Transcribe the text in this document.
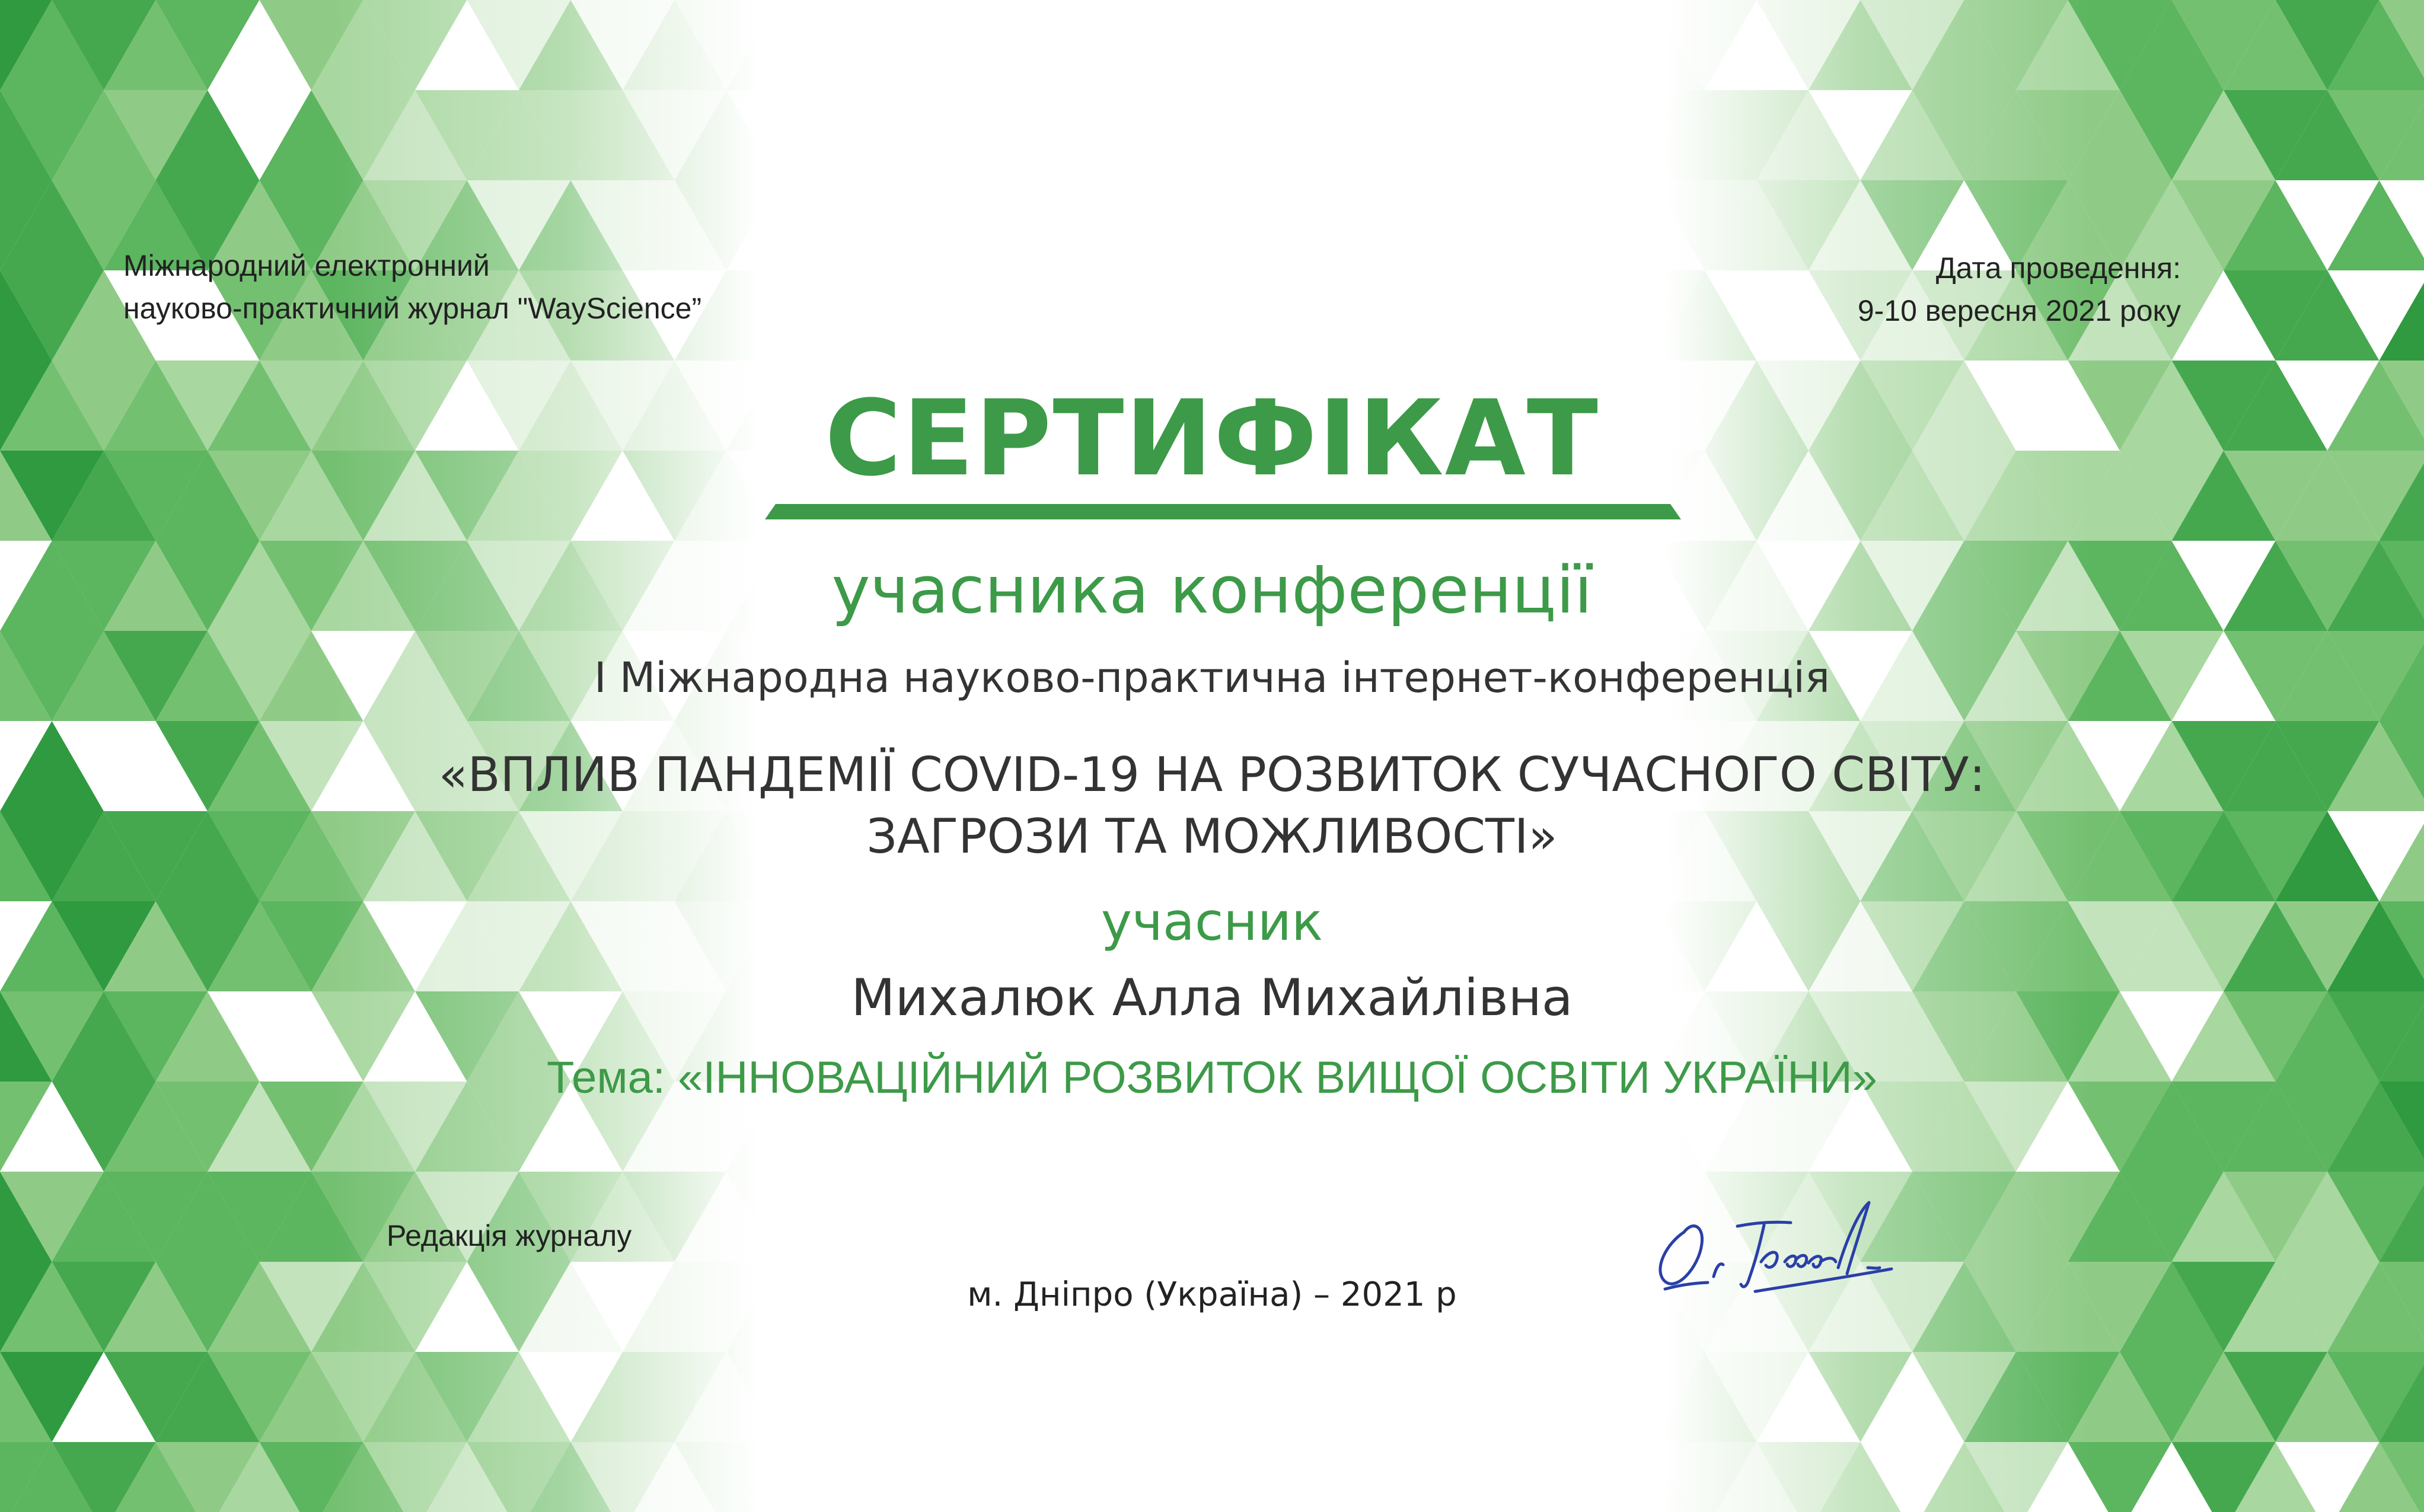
Міжнародний електронний
науково-практичний журнал "WayScience”
Дата проведення:
9-10 вересня 2021 року
СЕРТИФІКАТ
учасника конференції
І Міжнародна науково-практична інтернет-конференція
«ВПЛИВ ПАНДЕМІЇ COVID-19 НА РОЗВИТОК СУЧАСНОГО СВІТУ:
ЗАГРОЗИ ТА МОЖЛИВОСТІ»
учасник
Михалюк Алла Михайлівна
Тема: «ІННОВАЦІЙНИЙ РОЗВИТОК ВИЩОЇ ОСВІТИ УКРАЇНИ»
Редакція журналу
м. Дніпро (Україна) – 2021 р
